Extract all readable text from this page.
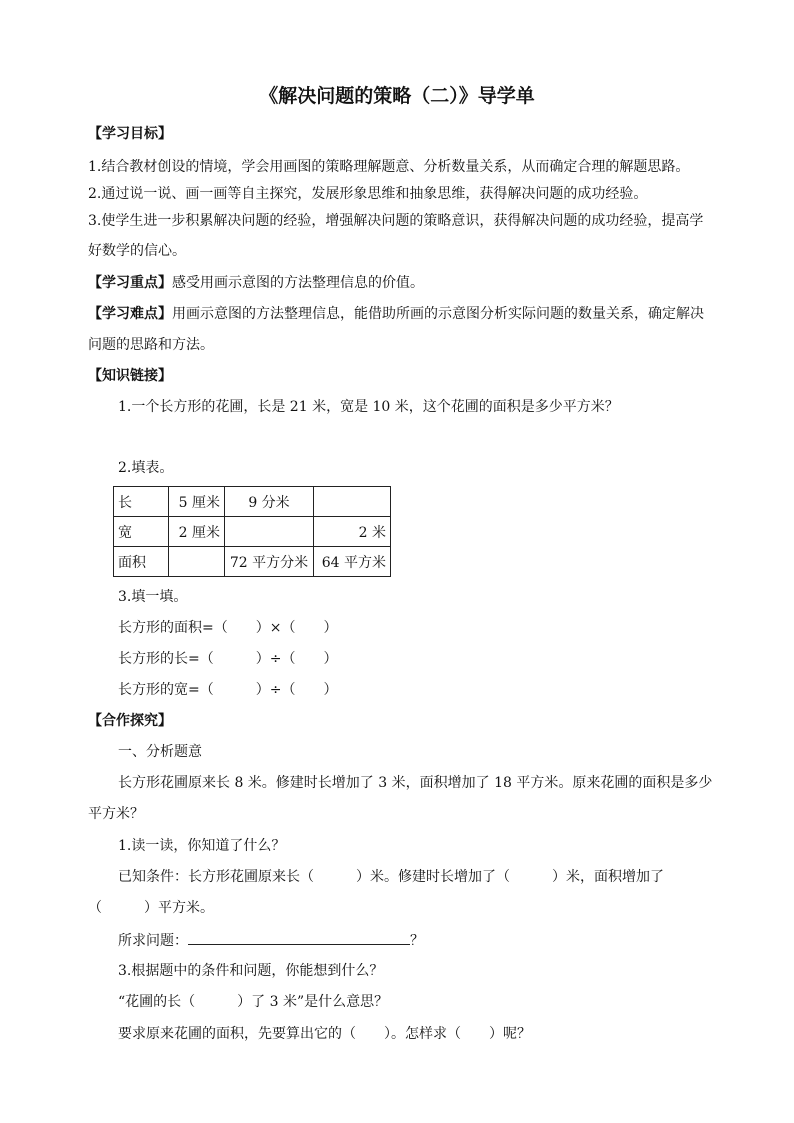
《解决问题的策略（二）》导学单
【学习目标】
1.结合教材创设的情境，学会用画图的策略理解题意、分析数量关系，从而确定合理的解题思路。
2.通过说一说、画一画等自主探究，发展形象思维和抽象思维，获得解决问题的成功经验。
3.使学生进一步积累解决问题的经验，增强解决问题的策略意识，获得解决问题的成功经验，提高学
好数学的信心。
【学习重点】感受用画示意图的方法整理信息的价值。
【学习难点】用画示意图的方法整理信息，能借助所画的示意图分析实际问题的数量关系，确定解决
问题的思路和方法。
【知识链接】
1.一个长方形的花圃，长是 21 米，宽是 10 米，这个花圃的面积是多少平方米？
2.填表。
长	5 厘米	9 分米	
宽	2 厘米		2 米
面积		72 平方分米	64 平方米
3.填一填。
长方形的面积=（　　）×（　　）
长方形的长=（　　　）÷（　　）
长方形的宽=（　　　）÷（　　）
【合作探究】
一、分析题意
长方形花圃原来长 8 米。修建时长增加了 3 米，面积增加了 18 平方米。原来花圃的面积是多少
平方米？
1.读一读，你知道了什么？
已知条件：长方形花圃原来长（　　　）米。修建时长增加了（　　　）米，面积增加了
（　　　）平方米。
所求问题：	？
3.根据题中的条件和问题，你能想到什么？
“花圃的长（　　　）了 3 米”是什么意思？
要求原来花圃的面积，先要算出它的（　　）。怎样求（　　）呢？
